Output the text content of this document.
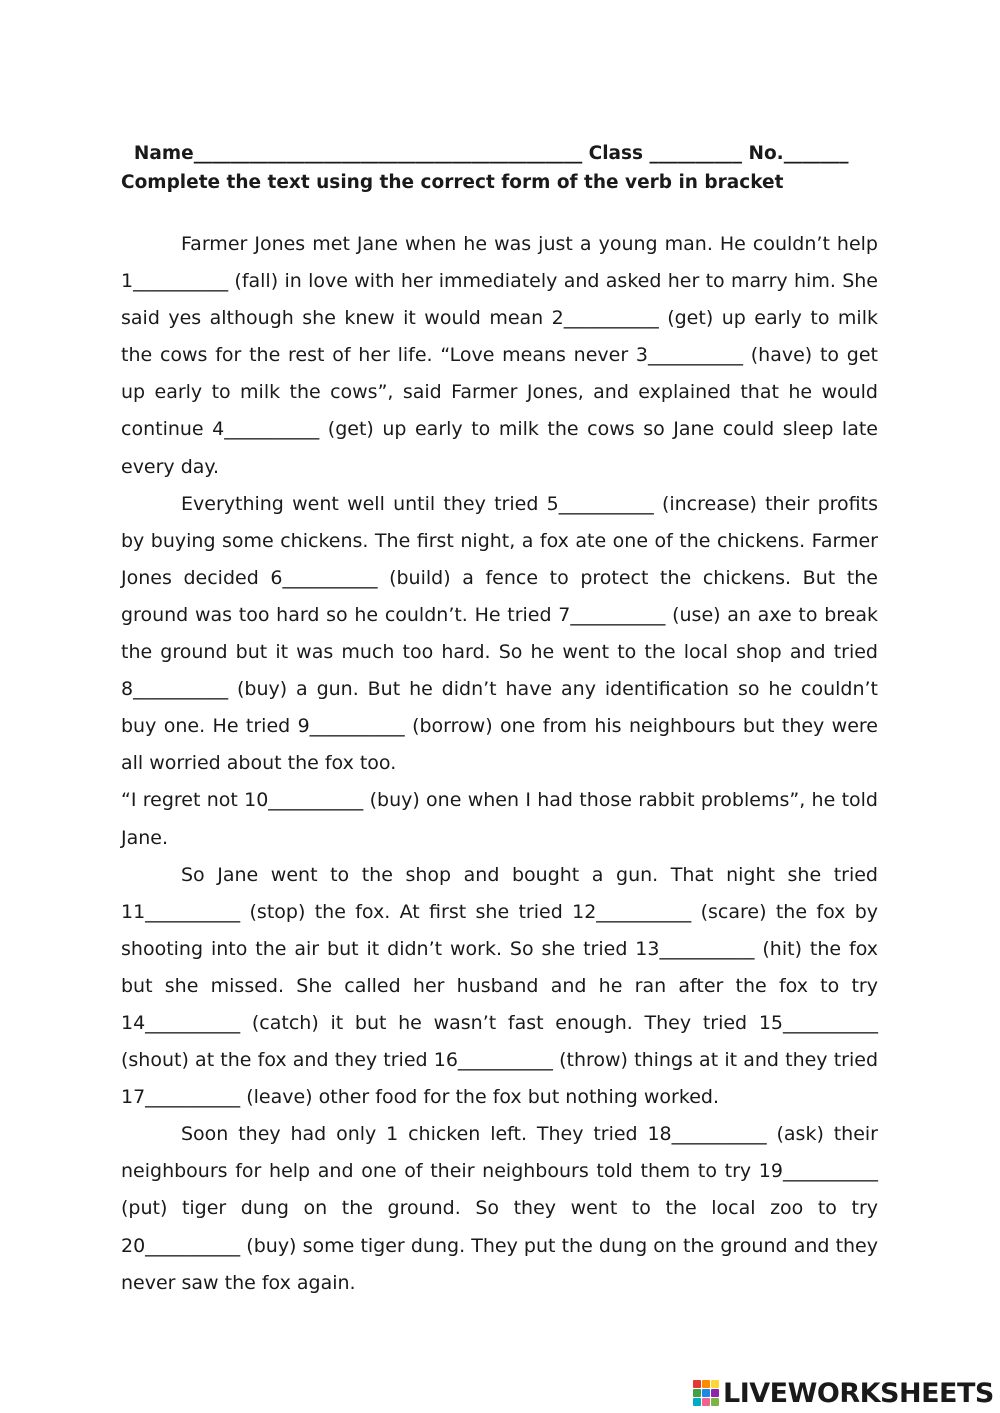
Name__________________________________________ Class __________ No._______

Complete the text using the correct form of the verb in bracket

Farmer Jones met Jane when he was just a young man. He couldn’t help 1__________ (fall) in love with her immediately and asked her to marry him. She said yes although she knew it would mean 2__________ (get) up early to milk the cows for the rest of her life. “Love means never 3__________ (have) to get up early to milk the cows”, said Farmer Jones, and explained that he would continue 4__________ (get) up early to milk the cows so Jane could sleep late every day.

Everything went well until they tried 5__________ (increase) their profits by buying some chickens. The first night, a fox ate one of the chickens. Farmer Jones decided 6__________ (build) a fence to protect the chickens. But the ground was too hard so he couldn’t. He tried 7__________ (use) an axe to break the ground but it was much too hard. So he went to the local shop and tried 8__________ (buy) a gun. But he didn’t have any identification so he couldn’t buy one. He tried 9__________ (borrow) one from his neighbours but they were all worried about the fox too.

“I regret not 10__________ (buy) one when I had those rabbit problems”, he told Jane.

So Jane went to the shop and bought a gun. That night she tried 11__________ (stop) the fox. At first she tried 12__________ (scare) the fox by shooting into the air but it didn’t work. So she tried 13__________ (hit) the fox but she missed. She called her husband and he ran after the fox to try 14__________ (catch) it but he wasn’t fast enough. They tried 15__________ (shout) at the fox and they tried 16__________ (throw) things at it and they tried 17__________ (leave) other food for the fox but nothing worked.

Soon they had only 1 chicken left. They tried 18__________ (ask) their neighbours for help and one of their neighbours told them to try 19__________ (put) tiger dung on the ground. So they went to the local zoo to try 20__________ (buy) some tiger dung. They put the dung on the ground and they never saw the fox again.

LIVEWORKSHEETS
